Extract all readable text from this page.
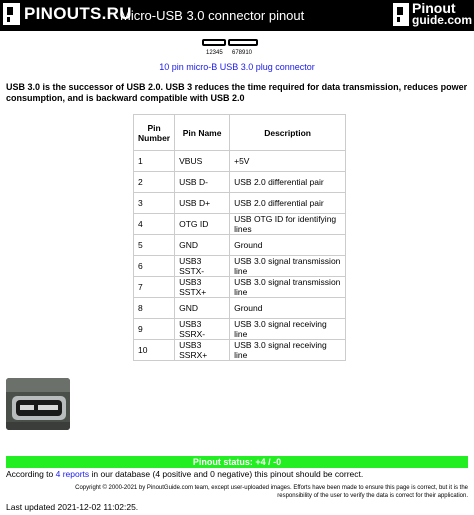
PINOUTS.RU
Micro-USB 3.0 connector pinout	Pinout
guide.com
12345 678910
10 pin micro-B USB 3.0 plug connector
USB 3.0 is the successor of USB 2.0. USB 3 reduces the time required for data transmission, reduces power consumption, and is backward compatible with USB 2.0
Pin Number	Pin Name	Description
1	VBUS	+5V
2	USB D-	USB 2.0 differential pair
3	USB D+	USB 2.0 differential pair
4	OTG ID	USB OTG ID for identifying lines
5	GND	Ground
6	USB3 SSTX-	USB 3.0 signal transmission line
7	USB3 SSTX+	USB 3.0 signal transmission line
8	GND	Ground
9	USB3 SSRX-	USB 3.0 signal receiving line
10	USB3 SSRX+	USB 3.0 signal receiving line
Pinout status: +4 / -0
According to 4 reports in our database (4 positive and 0 negative) this pinout should be correct.
Copyright © 2000-2021 by PinoutGuide.com team, except user-uploaded images. Efforts have been made to ensure this page is correct, but it is the
responsibility of the user to verify the data is correct for their application.
Last updated 2021-12-02 11:02:25.
